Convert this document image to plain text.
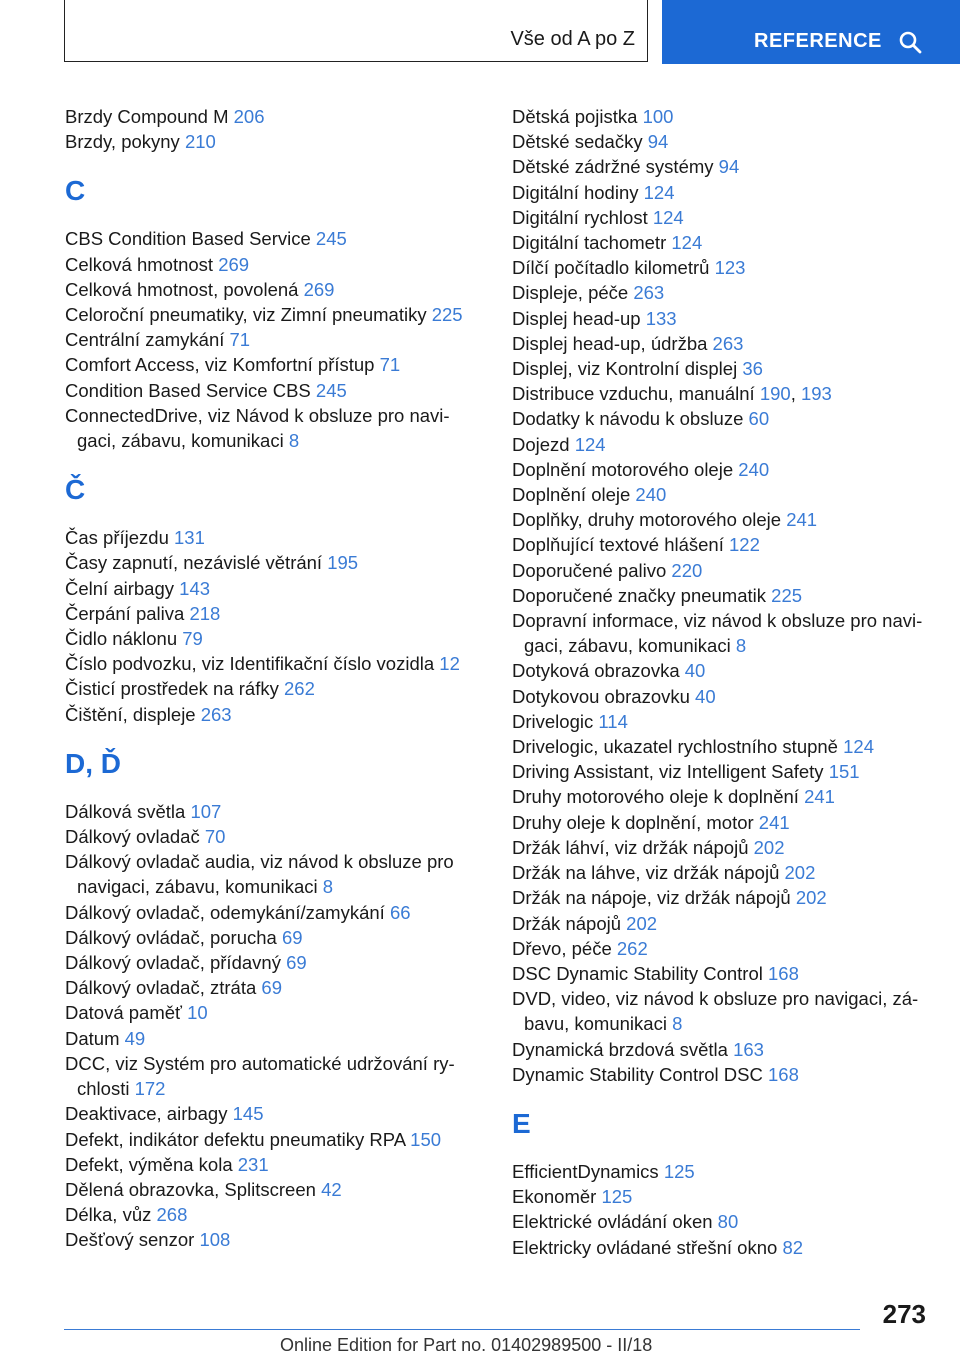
Vše od A po Z	REFERENCE
Brzdy Compound M 206
Brzdy, pokyny 210
C
CBS Condition Based Service 245
Celková hmotnost 269
Celková hmotnost, povolená 269
Celoroční pneumatiky, viz Zimní pneumatiky 225
Centrální zamykání 71
Comfort Access, viz Komfortní přístup 71
Condition Based Service CBS 245
ConnectedDrive, viz Návod k obsluze pro navi-gaci, zábavu, komunikaci 8
Č
Čas příjezdu 131
Časy zapnutí, nezávislé větrání 195
Čelní airbagy 143
Čerpání paliva 218
Čidlo náklonu 79
Číslo podvozku, viz Identifikační číslo vozidla 12
Čisticí prostředek na ráfky 262
Čištění, displeje 263
D, Ď
Dálková světla 107
Dálkový ovladač 70
Dálkový ovladač audia, viz návod k obsluze pro navigaci, zábavu, komunikaci 8
Dálkový ovladač, odemykání/zamykání 66
Dálkový ovládač, porucha 69
Dálkový ovladač, přídavný 69
Dálkový ovladač, ztráta 69
Datová paměť 10
Datum 49
DCC, viz Systém pro automatické udržování ry-chlosti 172
Deaktivace, airbagy 145
Defekt, indikátor defektu pneumatiky RPA 150
Defekt, výměna kola 231
Dělená obrazovka, Splitscreen 42
Délka, vůz 268
Dešťový senzor 108
Dětská pojistka 100
Dětské sedačky 94
Dětské zádržné systémy 94
Digitální hodiny 124
Digitální rychlost 124
Digitální tachometr 124
Dílčí počítadlo kilometrů 123
Displeje, péče 263
Displej head-up 133
Displej head-up, údržba 263
Displej, viz Kontrolní displej 36
Distribuce vzduchu, manuální 190, 193
Dodatky k návodu k obsluze 60
Dojezd 124
Doplnění motorového oleje 240
Doplnění oleje 240
Doplňky, druhy motorového oleje 241
Doplňující textové hlášení 122
Doporučené palivo 220
Doporučené značky pneumatik 225
Dopravní informace, viz návod k obsluze pro navi-gaci, zábavu, komunikaci 8
Dotyková obrazovka 40
Dotykovou obrazovku 40
Drivelogic 114
Drivelogic, ukazatel rychlostního stupně 124
Driving Assistant, viz Intelligent Safety 151
Druhy motorového oleje k doplnění 241
Druhy oleje k doplnění, motor 241
Držák láhví, viz držák nápojů 202
Držák na láhve, viz držák nápojů 202
Držák na nápoje, viz držák nápojů 202
Držák nápojů 202
Dřevo, péče 262
DSC Dynamic Stability Control 168
DVD, video, viz návod k obsluze pro navigaci, zá-bavu, komunikaci 8
Dynamická brzdová světla 163
Dynamic Stability Control DSC 168
E
EfficientDynamics 125
Ekonoměr 125
Elektrické ovládání oken 80
Elektricky ovládané střešní okno 82
273
Online Edition for Part no. 01402989500 - II/18
